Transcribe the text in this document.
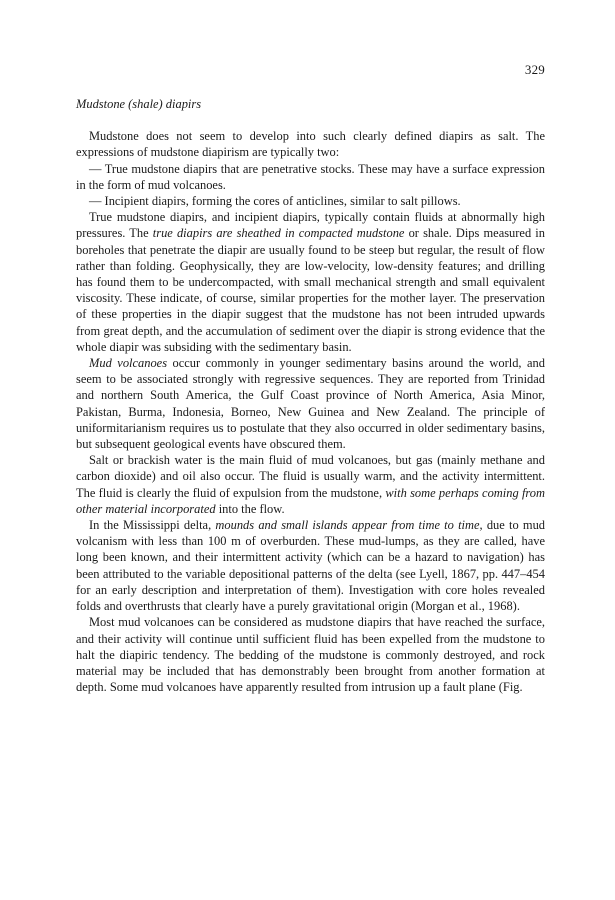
329
Mudstone (shale) diapirs

Mudstone does not seem to develop into such clearly defined diapirs as salt. The expressions of mudstone diapirism are typically two:

— True mudstone diapirs that are penetrative stocks. These may have a surface expression in the form of mud volcanoes.

— Incipient diapirs, forming the cores of anticlines, similar to salt pillows.

True mudstone diapirs, and incipient diapirs, typically contain fluids at abnormally high pressures. The true diapirs are sheathed in compacted mudstone or shale. Dips measured in boreholes that penetrate the diapir are usually found to be steep but regular, the result of flow rather than folding. Geophysically, they are low-velocity, low-density features; and drilling has found them to be undercompacted, with small mechanical strength and small equivalent viscosity. These indicate, of course, similar properties for the mother layer. The preservation of these properties in the diapir suggest that the mudstone has not been intruded upwards from great depth, and the accumulation of sediment over the diapir is strong evidence that the whole diapir was subsiding with the sedimentary basin.

Mud volcanoes occur commonly in younger sedimentary basins around the world, and seem to be associated strongly with regressive sequences. They are reported from Trinidad and northern South America, the Gulf Coast province of North America, Asia Minor, Pakistan, Burma, Indonesia, Borneo, New Guinea and New Zealand. The principle of uniformitarianism requires us to postulate that they also occurred in older sedimentary basins, but subsequent geological events have obscured them.

Salt or brackish water is the main fluid of mud volcanoes, but gas (mainly methane and carbon dioxide) and oil also occur. The fluid is usually warm, and the activity intermittent. The fluid is clearly the fluid of expulsion from the mudstone, with some perhaps coming from other material incorporated into the flow.

In the Mississippi delta, mounds and small islands appear from time to time, due to mud volcanism with less than 100 m of overburden. These mud-lumps, as they are called, have long been known, and their intermittent activity (which can be a hazard to navigation) has been attributed to the variable depositional patterns of the delta (see Lyell, 1867, pp. 447–454 for an early description and interpretation of them). Investigation with core holes revealed folds and overthrusts that clearly have a purely gravitational origin (Morgan et al., 1968).

Most mud volcanoes can be considered as mudstone diapirs that have reached the surface, and their activity will continue until sufficient fluid has been expelled from the mudstone to halt the diapiric tendency. The bedding of the mudstone is commonly destroyed, and rock material may be included that has demonstrably been brought from another formation at depth. Some mud volcanoes have apparently resulted from intrusion up a fault plane (Fig.
